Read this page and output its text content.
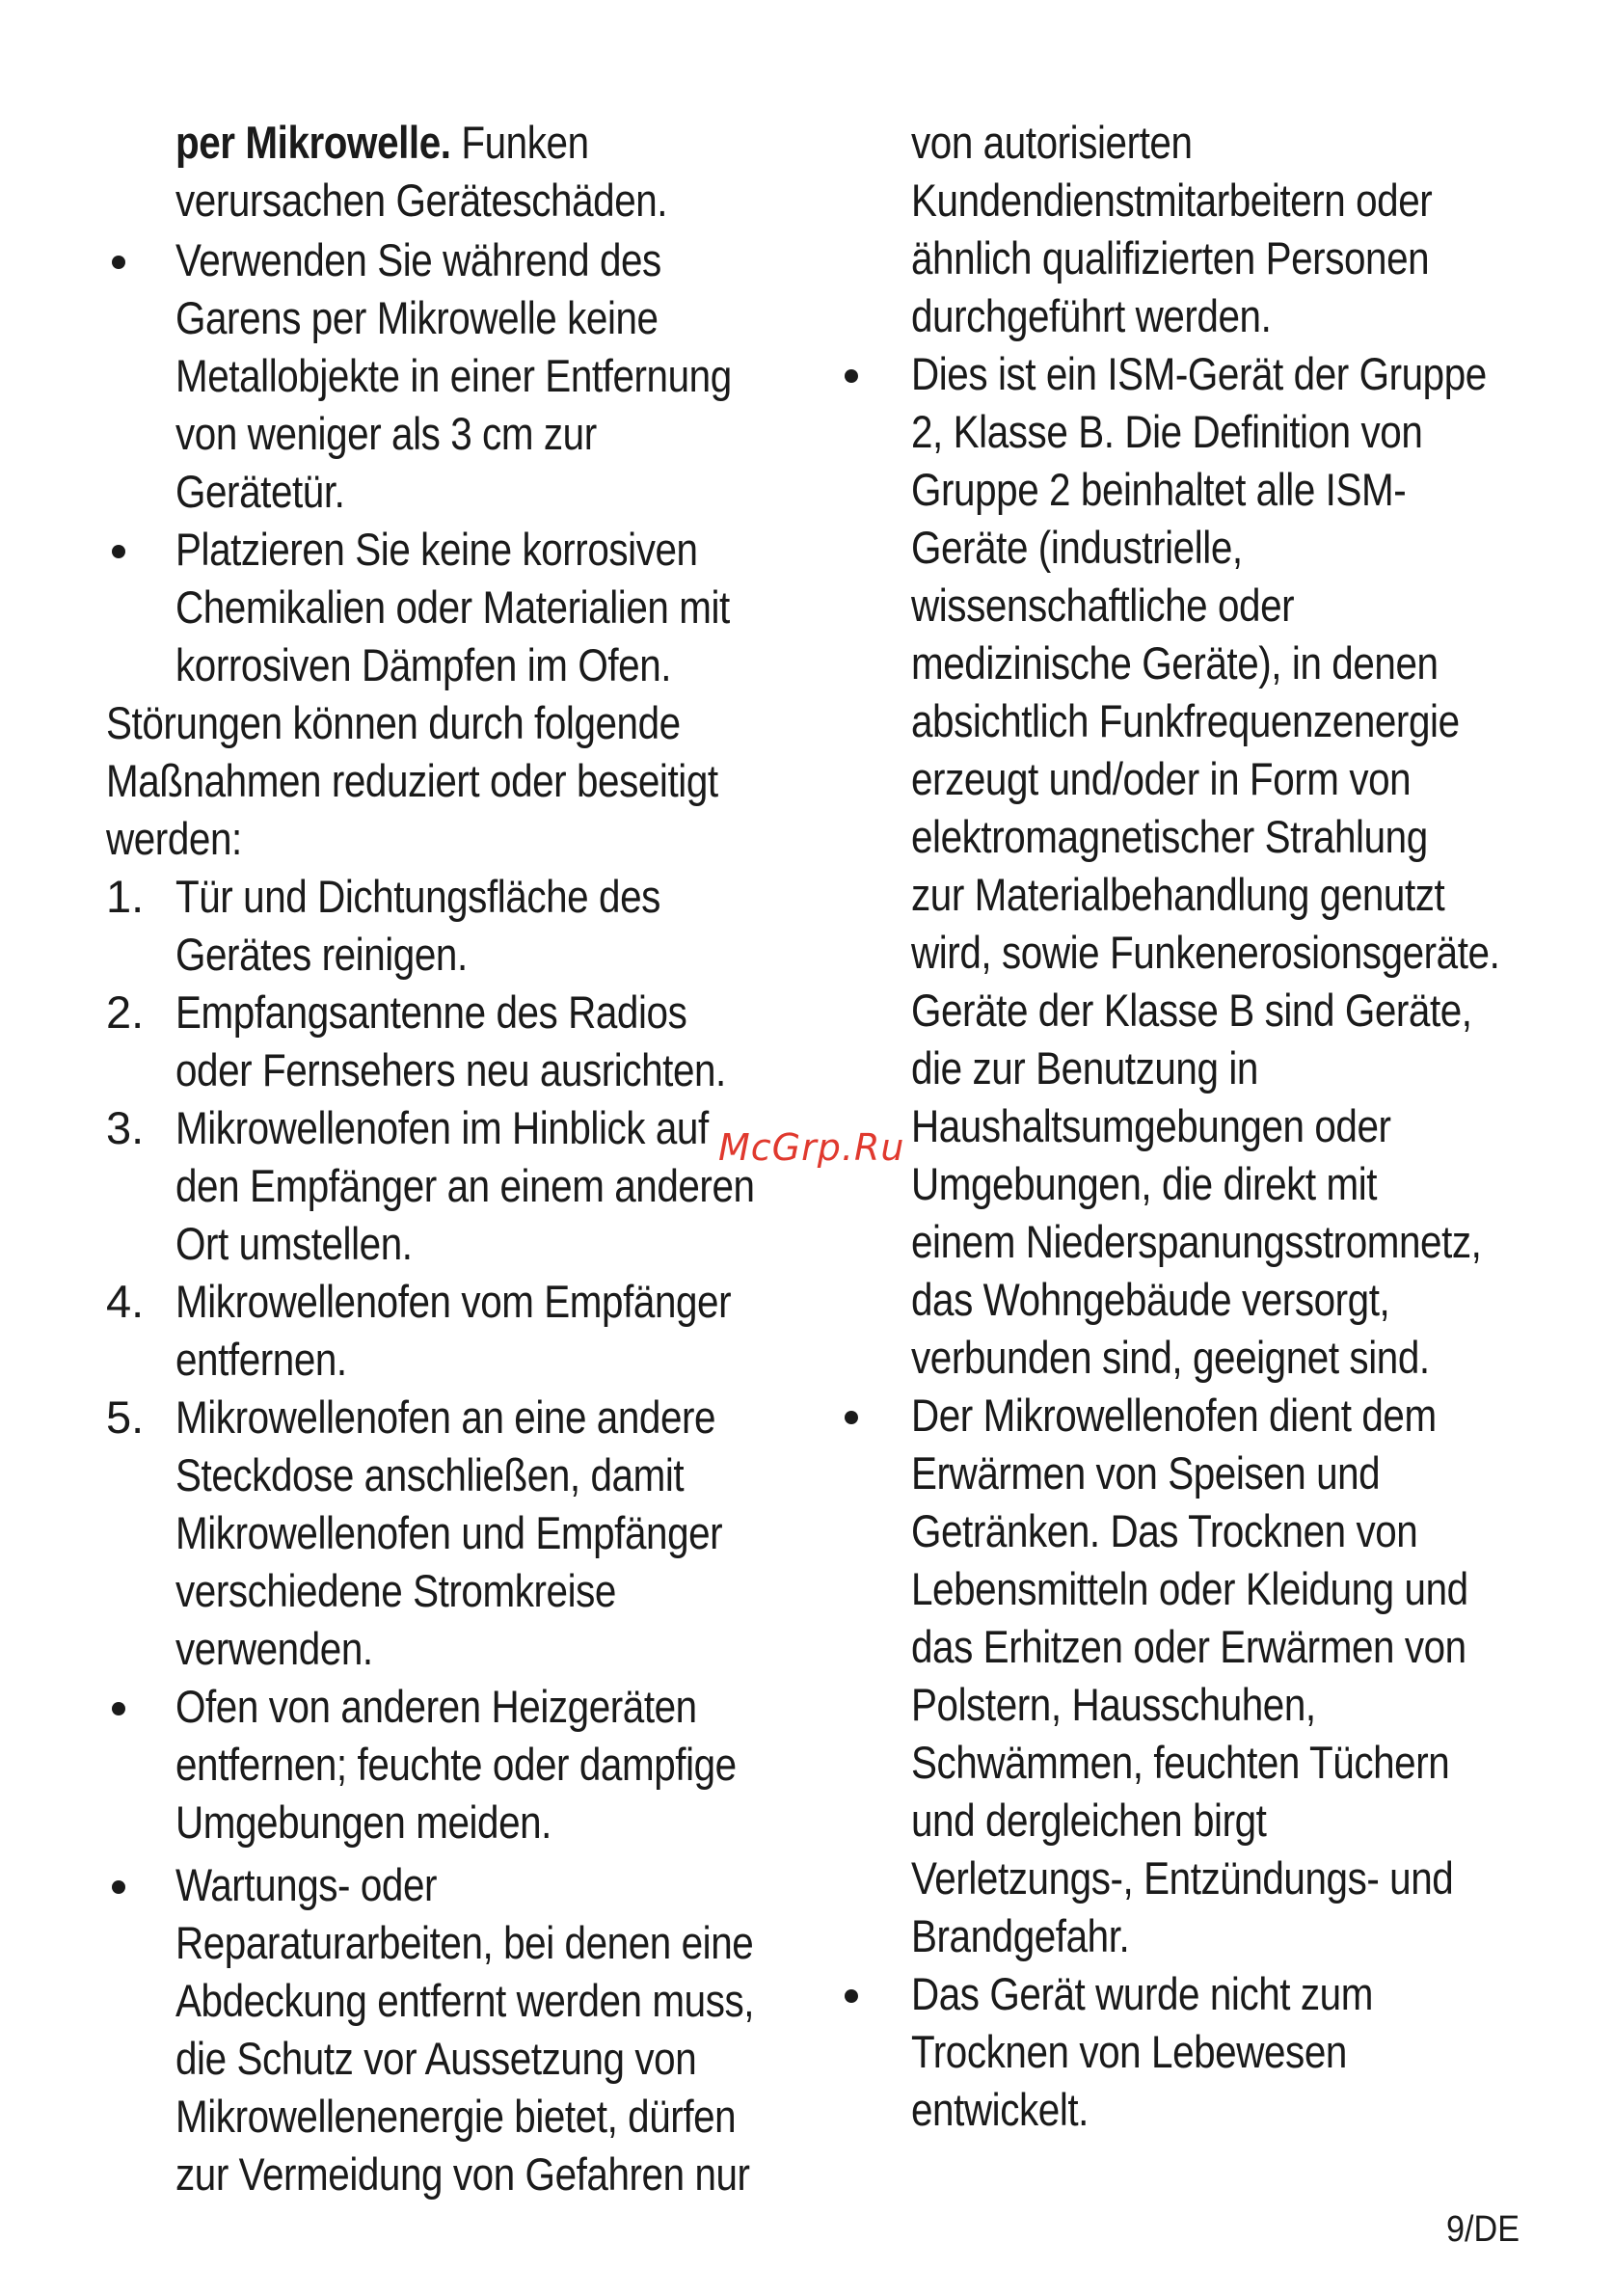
per Mikrowelle. Funken
verursachen Geräteschäden.
Verwenden Sie während des
Garens per Mikrowelle keine
Metallobjekte in einer Entfernung
von weniger als 3 cm zur
Gerätetür.
Platzieren Sie keine korrosiven
Chemikalien oder Materialien mit
korrosiven Dämpfen im Ofen.
Störungen können durch folgende
Maßnahmen reduziert oder beseitigt
werden:
1. Tür und Dichtungsfläche des
Gerätes reinigen.
2. Empfangsantenne des Radios
oder Fernsehers neu ausrichten.
3. Mikrowellenofen im Hinblick auf
den Empfänger an einem anderen
Ort umstellen.
4. Mikrowellenofen vom Empfänger
entfernen.
5. Mikrowellenofen an eine andere
Steckdose anschließen, damit
Mikrowellenofen und Empfänger
verschiedene Stromkreise
verwenden.
Ofen von anderen Heizgeräten
entfernen; feuchte oder dampfige
Umgebungen meiden.
Wartungs- oder
Reparaturarbeiten, bei denen eine
Abdeckung entfernt werden muss,
die Schutz vor Aussetzung von
Mikrowellenenergie bietet, dürfen
zur Vermeidung von Gefahren nur
von autorisierten
Kundendienstmitarbeitern oder
ähnlich qualifizierten Personen
durchgeführt werden.
Dies ist ein ISM-Gerät der Gruppe
2, Klasse B. Die Definition von
Gruppe 2 beinhaltet alle ISM-
Geräte (industrielle,
wissenschaftliche oder
medizinische Geräte), in denen
absichtlich Funkfrequenzenergie
erzeugt und/oder in Form von
elektromagnetischer Strahlung
zur Materialbehandlung genutzt
wird, sowie Funkenerosionsgeräte.
Geräte der Klasse B sind Geräte,
die zur Benutzung in
Haushaltsumgebungen oder
Umgebungen, die direkt mit
einem Niederspanungsstromnetz,
das Wohngebäude versorgt,
verbunden sind, geeignet sind.
Der Mikrowellenofen dient dem
Erwärmen von Speisen und
Getränken. Das Trocknen von
Lebensmitteln oder Kleidung und
das Erhitzen oder Erwärmen von
Polstern, Hausschuhen,
Schwämmen, feuchten Tüchern
und dergleichen birgt
Verletzungs-, Entzündungs- und
Brandgefahr.
Das Gerät wurde nicht zum
Trocknen von Lebewesen
entwickelt.
McGrp.Ru
9/DE
